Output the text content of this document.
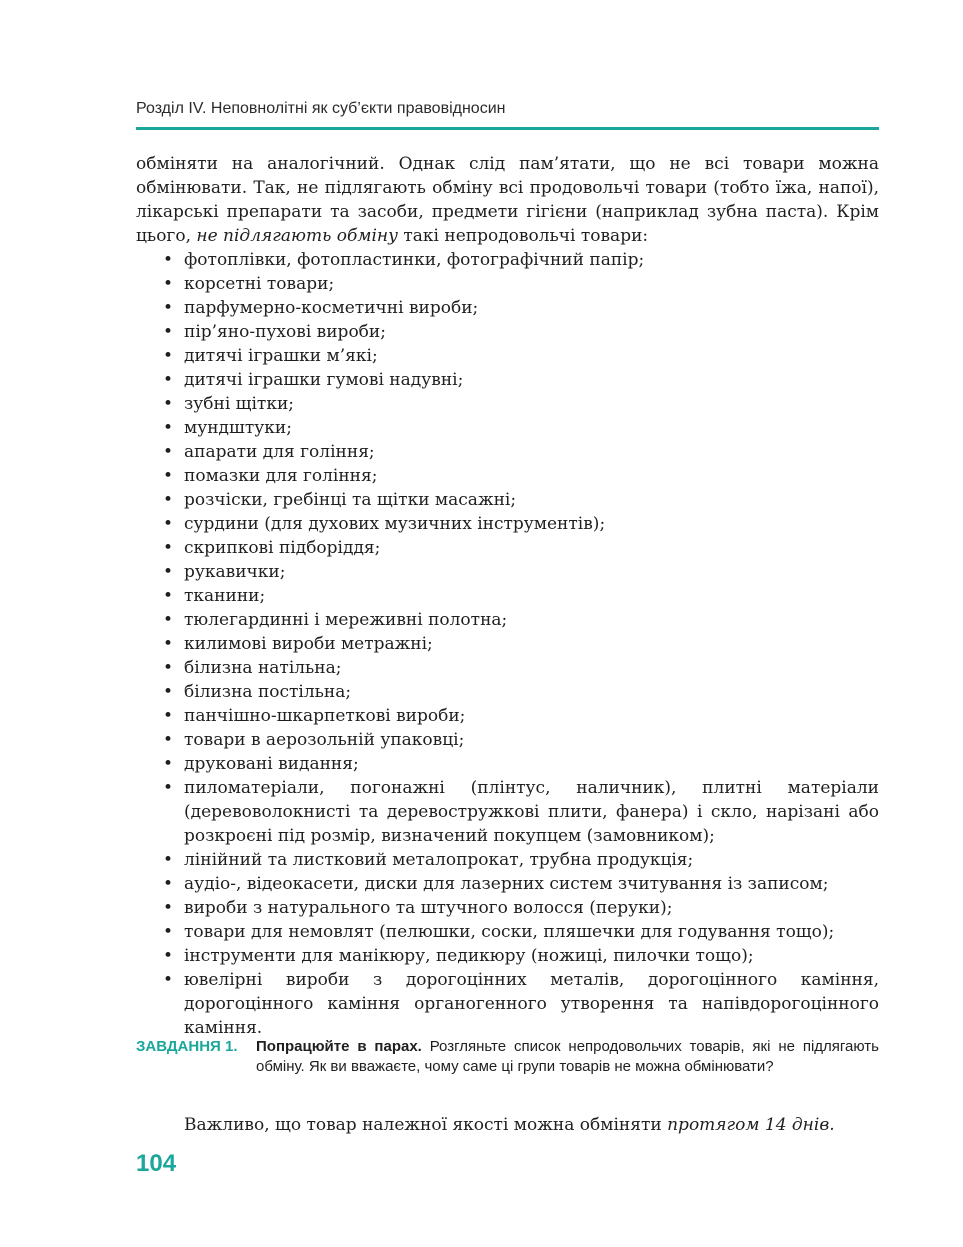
Розділ IV. Неповнолітні як суб’єкти правовідносин

обміняти на аналогічний. Однак слід пам’ятати, що не всі товари можна обмінювати. Так, не підлягають обміну всі продовольчі товари (тобто їжа, напої), лікарські препарати та засоби, предмети гігієни (наприклад зубна паста). Крім цього, не підлягають обміну такі непродовольчі товари:

• фотоплівки, фотопластинки, фотографічний папір;
• корсетні товари;
• парфумерно-косметичні вироби;
• пір’яно-пухові вироби;
• дитячі іграшки м’які;
• дитячі іграшки гумові надувні;
• зубні щітки;
• мундштуки;
• апарати для гоління;
• помазки для гоління;
• розчіски, гребінці та щітки масажні;
• сурдини (для духових музичних інструментів);
• скрипкові підборіддя;
• рукавички;
• тканини;
• тюлегардинні і мереживні полотна;
• килимові вироби метражні;
• білизна натільна;
• білизна постільна;
• панчішно-шкарпеткові вироби;
• товари в аерозольній упаковці;
• друковані видання;
• пиломатеріали, погонажні (плінтус, наличник), плитні матеріали (деревоволокнисті та деревостружкові плити, фанера) і скло, нарізані або розкроєні під розмір, визначений покупцем (замовником);
• лінійний та листковий металопрокат, трубна продукція;
• аудіо-, відеокасети, диски для лазерних систем зчитування із записом;
• вироби з натурального та штучного волосся (перуки);
• товари для немовлят (пелюшки, соски, пляшечки для годування тощо);
• інструменти для манікюру, педикюру (ножиці, пилочки тощо);
• ювелірні вироби з дорогоцінних металів, дорогоцінного каміння, дорогоцінного каміння органогенного утворення та напівдорогоцінного каміння.
ЗАВДАННЯ 1. Попрацюйте в парах. Розгляньте список непродовольчих товарів, які не підлягають обміну. Як ви вважаєте, чому саме ці групи товарів не можна обмінювати?

Важливо, що товар належної якості можна обміняти протягом 14 днів.

104
